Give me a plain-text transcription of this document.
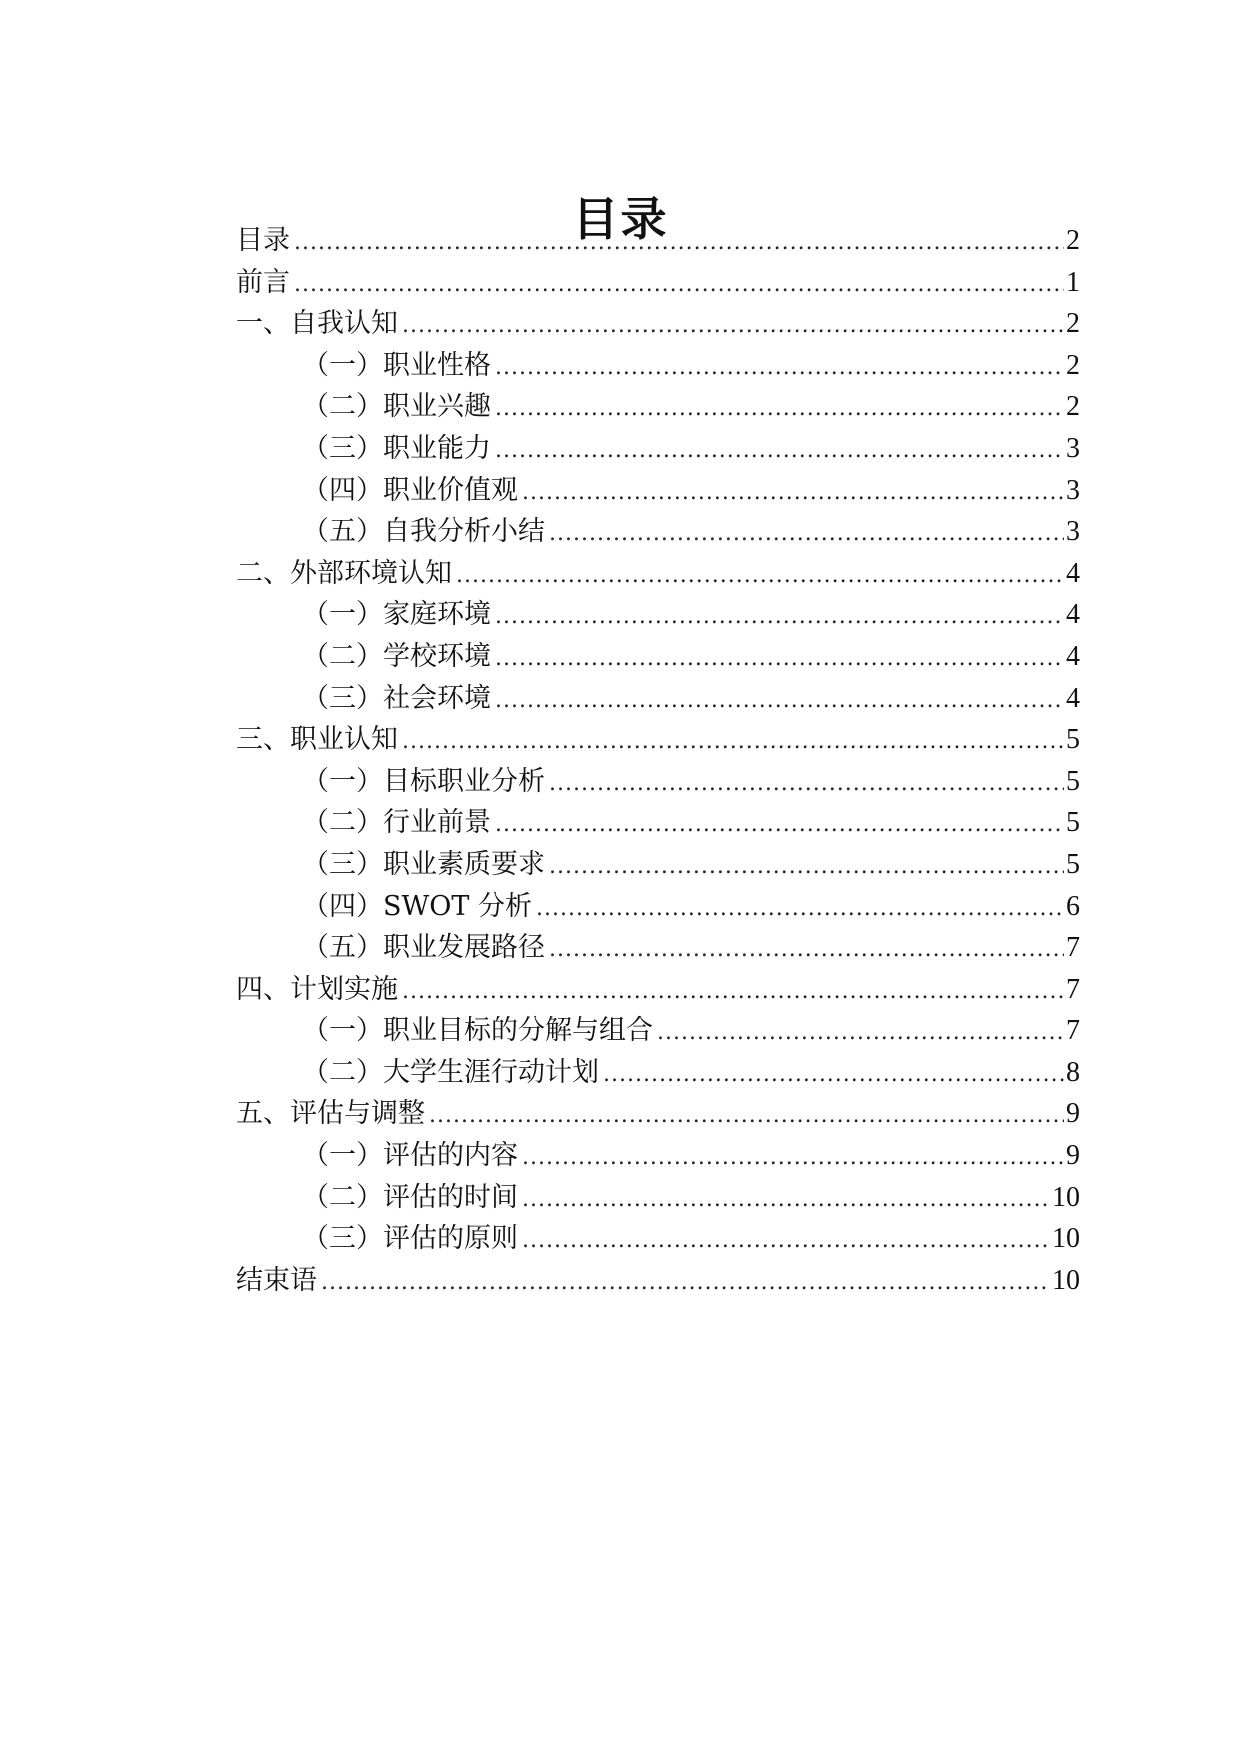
目录
目录 .....	2
前言 .....	1
一、自我认知 .....	2
（一）职业性格 .....	2
（二）职业兴趣 .....	2
（三）职业能力 .....	3
（四）职业价值观 .....	3
（五）自我分析小结 .....	3
二、外部环境认知 .....	4
（一）家庭环境 .....	4
（二）学校环境 .....	4
（三）社会环境 .....	4
三、职业认知 .....	5
（一）目标职业分析 .....	5
（二）行业前景 .....	5
（三）职业素质要求 .....	5
（四）SWOT 分析 .....	6
（五）职业发展路径 .....	7
四、计划实施 .....	7
（一）职业目标的分解与组合 .....	7
（二）大学生涯行动计划 .....	8
五、评估与调整 .....	9
（一）评估的内容 .....	9
（二）评估的时间 .....	10
（三）评估的原则 .....	10
结束语 .....	10
